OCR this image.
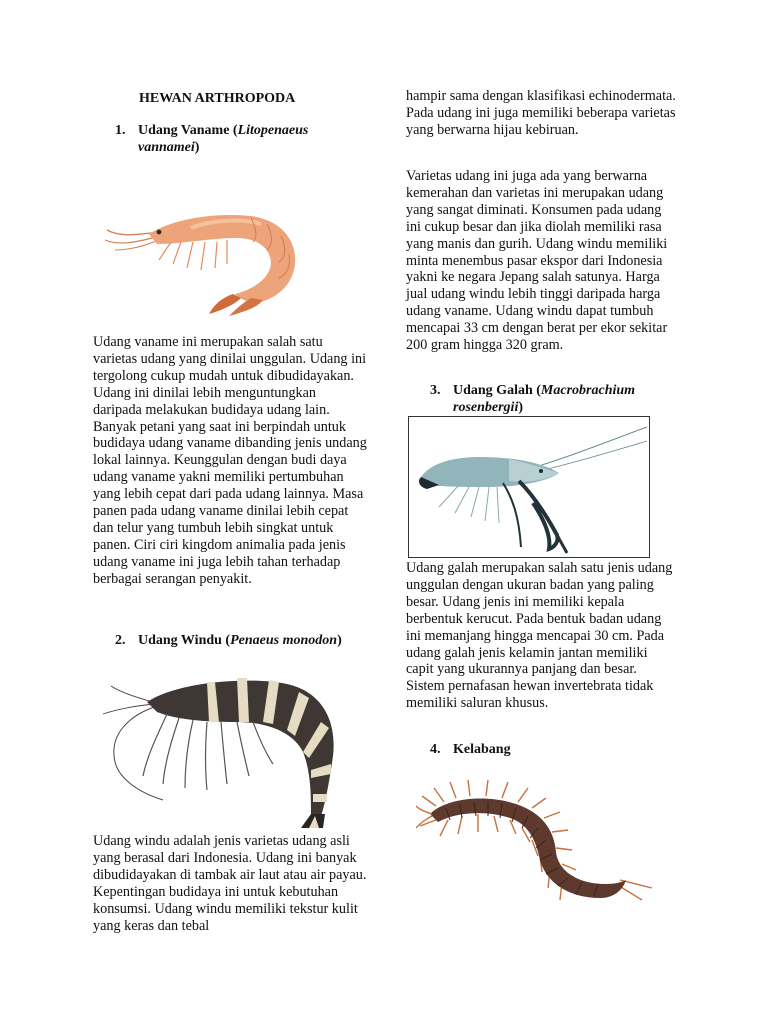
HEWAN ARTHROPODA

1. Udang Vaname (Litopenaeus vannamei)

Udang vaname ini merupakan salah satu varietas udang yang dinilai unggulan. Udang ini tergolong cukup mudah untuk dibudidayakan. Udang ini dinilai lebih menguntungkan daripada melakukan budidaya udang lain. Banyak petani yang saat ini berpindah untuk budidaya udang vaname dibanding jenis undang lokal lainnya. Keunggulan dengan budi daya udang vaname yakni memiliki pertumbuhan yang lebih cepat dari pada udang lainnya. Masa panen pada udang vaname dinilai lebih cepat dan telur yang tumbuh lebih singkat untuk panen. Ciri ciri kingdom animalia pada jenis udang vaname ini juga lebih tahan terhadap berbagai serangan penyakit.

2. Udang Windu (Penaeus monodon)

Udang windu adalah jenis varietas udang asli yang berasal dari Indonesia. Udang ini banyak dibudidayakan di tambak air laut atau air payau. Kepentingan budidaya ini untuk kebutuhan konsumsi. Udang windu memiliki tekstur kulit yang keras dan tebal

hampir sama dengan klasifikasi echinodermata. Pada udang ini juga memiliki beberapa varietas yang berwarna hijau kebiruan.

Varietas udang ini juga ada yang berwarna kemerahan dan varietas ini merupakan udang yang sangat diminati. Konsumen pada udang ini cukup besar dan jika diolah memiliki rasa yang manis dan gurih. Udang windu memiliki minta menembus pasar ekspor dari Indonesia yakni ke negara Jepang salah satunya. Harga jual udang windu lebih tinggi daripada harga udang vaname. Udang windu dapat tumbuh mencapai 33 cm dengan berat per ekor sekitar 200 gram hingga 320 gram.

3. Udang Galah (Macrobrachium rosenbergii)

Udang galah merupakan salah satu jenis udang unggulan dengan ukuran badan yang paling besar. Udang jenis ini memiliki kepala berbentuk kerucut. Pada bentuk badan udang ini memanjang hingga mencapai 30 cm. Pada udang galah jenis kelamin jantan memiliki capit yang ukurannya panjang dan besar. Sistem pernafasan hewan invertebrata tidak memiliki saluran khusus.

4. Kelabang
